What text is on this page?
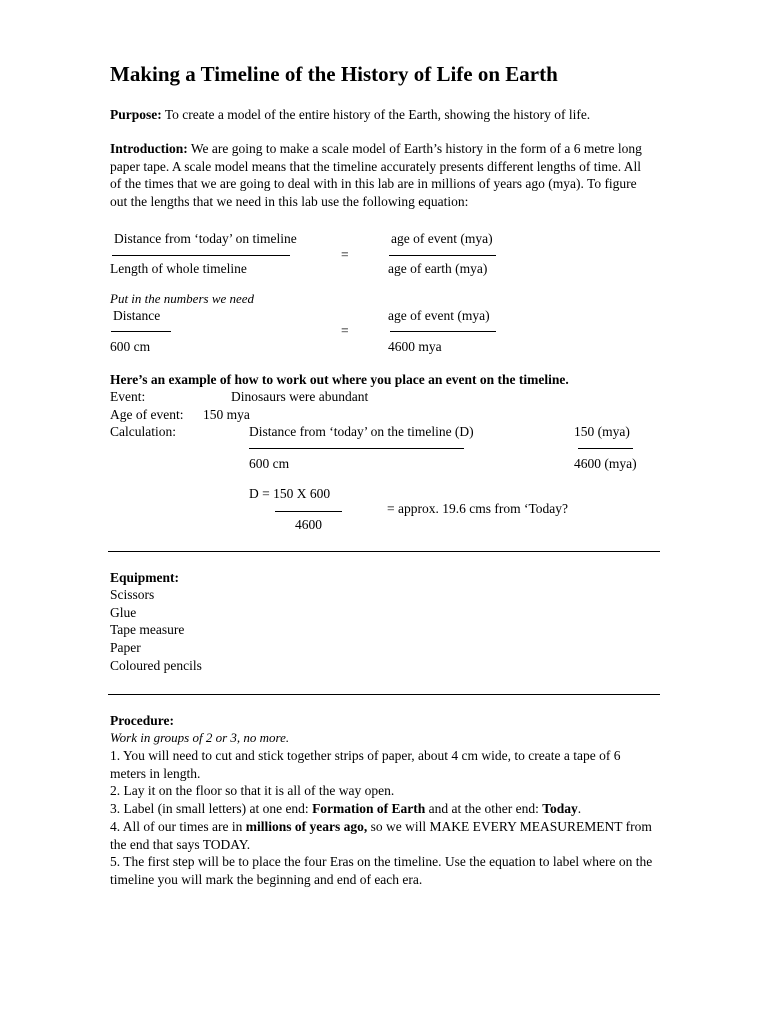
Making a Timeline of the History of Life on Earth
Purpose: To create a model of the entire history of the Earth, showing the history of life.
Introduction: We are going to make a scale model of Earth’s history in the form of a 6 metre long paper tape. A scale model means that the timeline accurately presents different lengths of time. All of the times that we are going to deal with in this lab are in millions of years ago (mya). To figure out the lengths that we need in this lab use the following equation:
Distance from ‘today’ on timeline
Length of whole timeline
=
age of event (mya)
age of earth (mya)
Put in the numbers we need
Distance
600 cm
=
age of event (mya)
4600 mya
Here’s an example of how to work out where you place an event on the timeline.
Event:	Dinosaurs were abundant
Age of event: 150 mya
Calculation:	Distance from ‘today’ on the timeline (D)	150 (mya)
600 cm	4600 (mya)
D = 150 X 600
4600
= approx. 19.6 cms from ‘Today?
Equipment:
Scissors
Glue
Tape measure
Paper
Coloured pencils
Procedure:
Work in groups of 2 or 3, no more.
1. You will need to cut and stick together strips of paper, about 4 cm wide, to create a tape of 6 meters in length.
2. Lay it on the floor so that it is all of the way open.
3. Label (in small letters) at one end: Formation of Earth and at the other end: Today.
4. All of our times are in millions of years ago, so we will MAKE EVERY MEASUREMENT from the end that says TODAY.
5. The first step will be to place the four Eras on the timeline. Use the equation to label where on the timeline you will mark the beginning and end of each era.
